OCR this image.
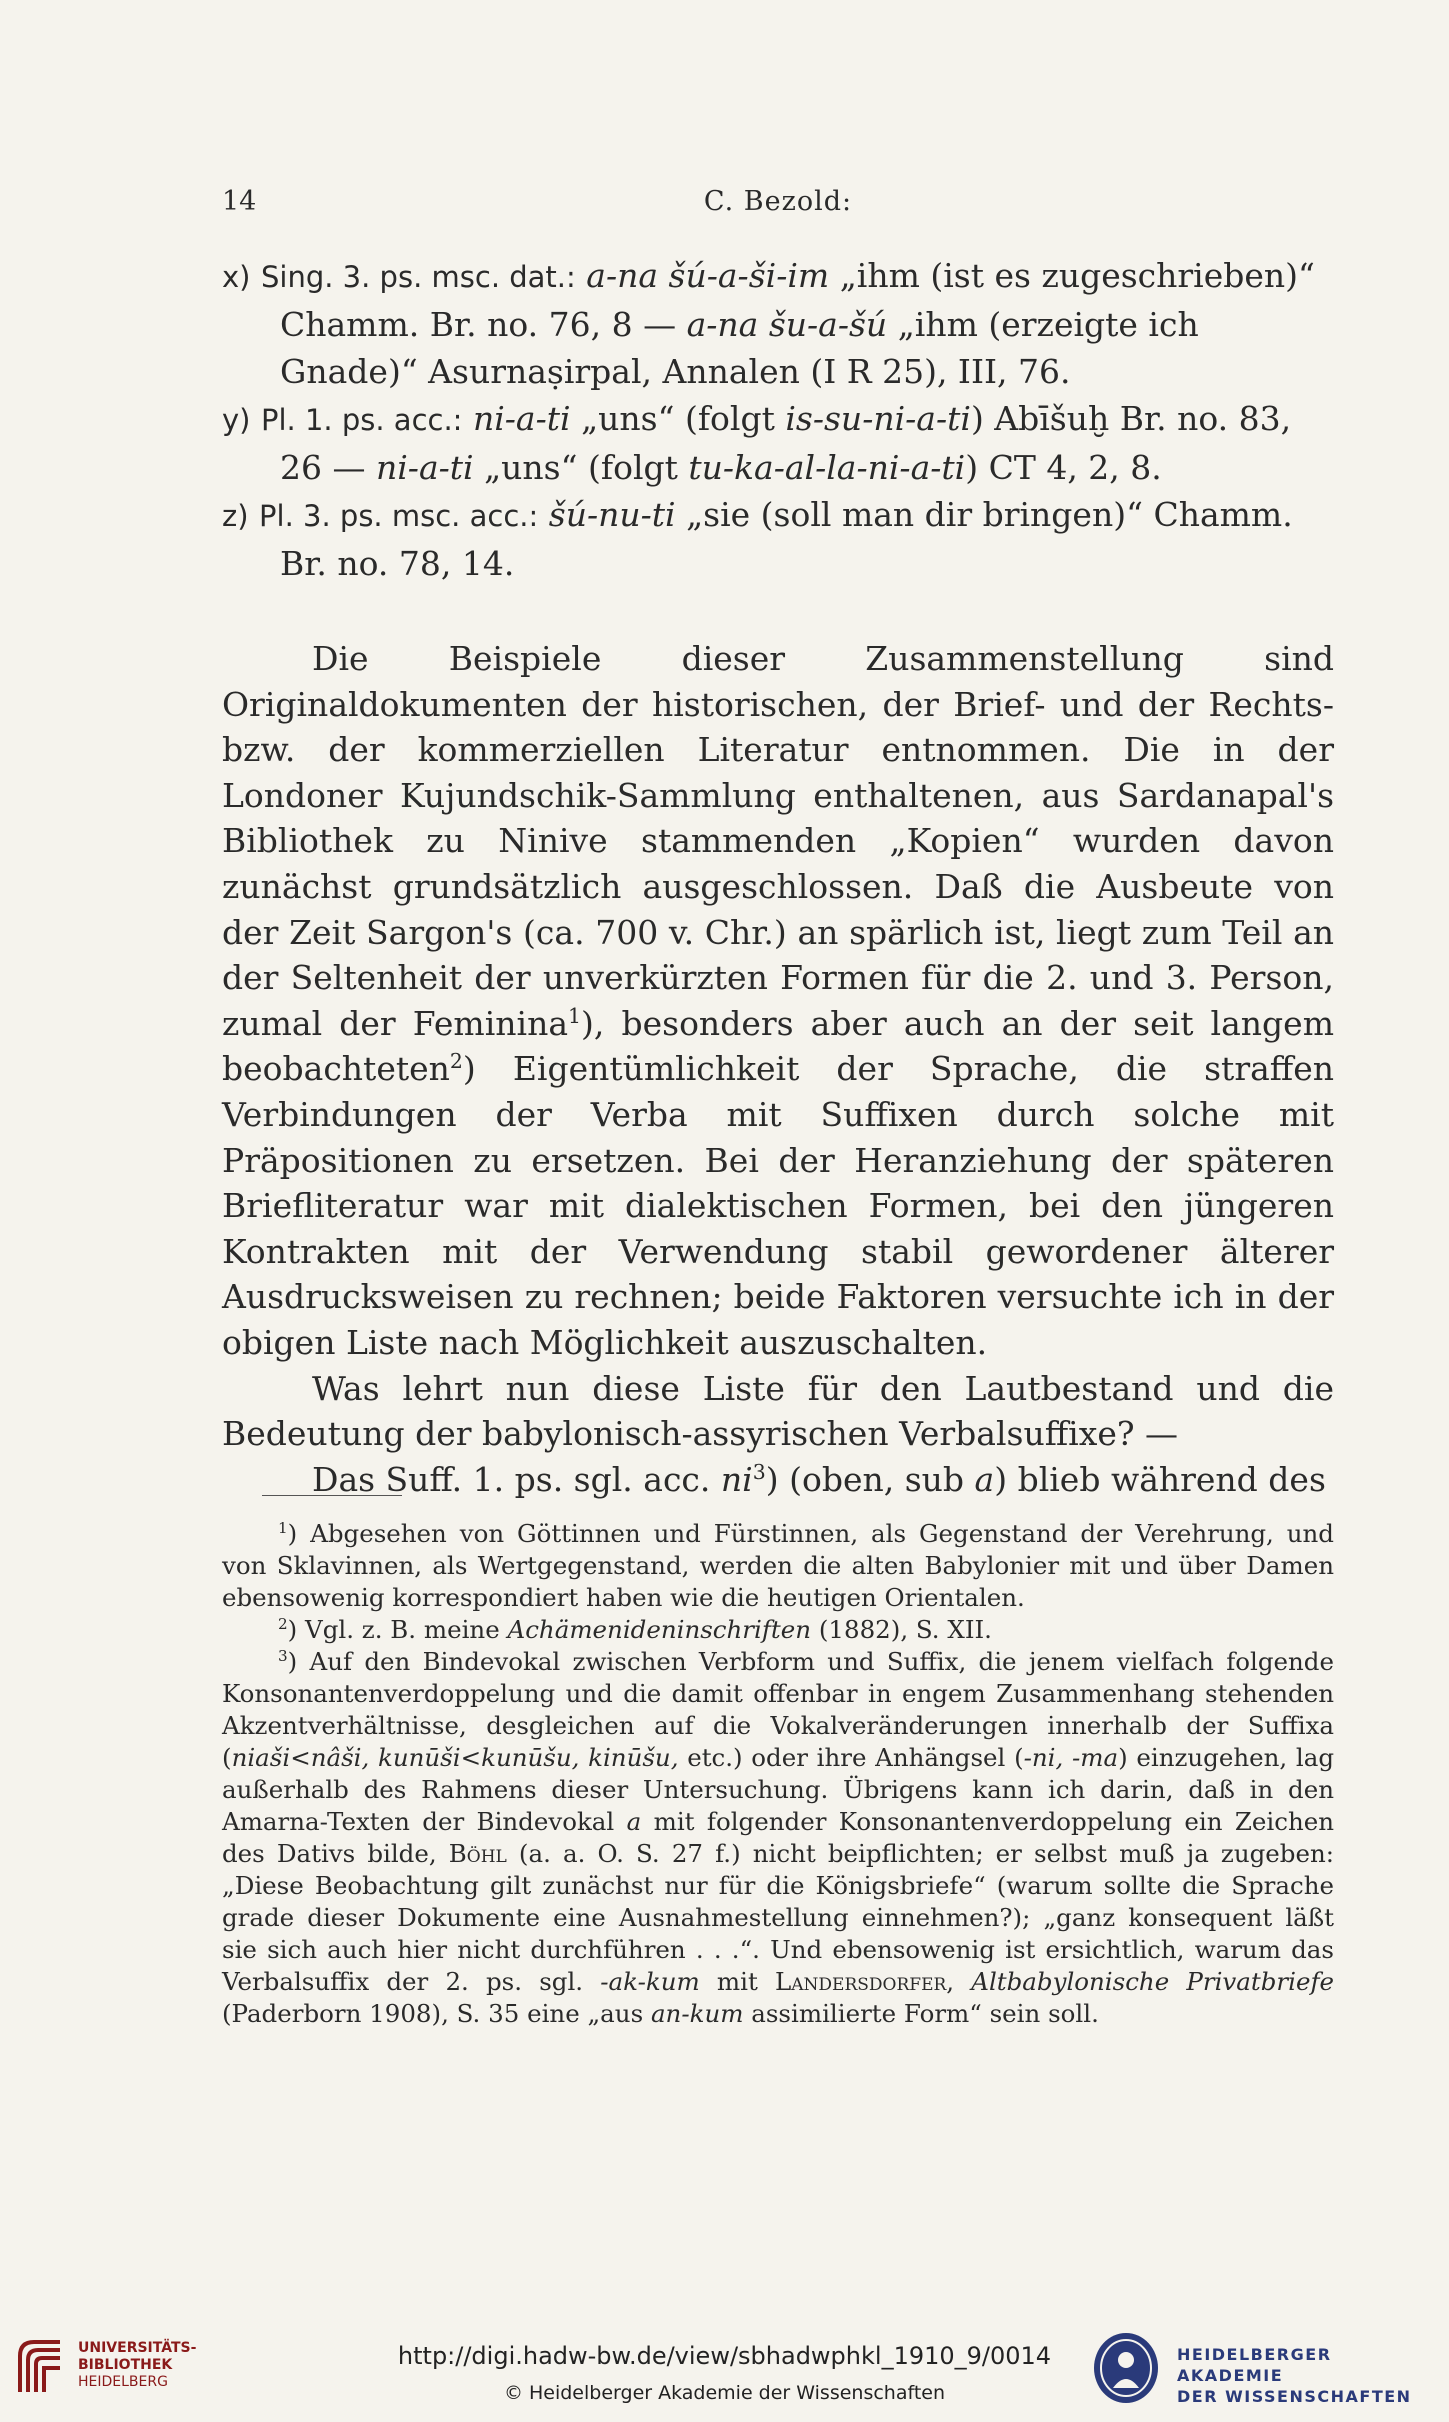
14	C. Bezold:

x) Sing. 3. ps. msc. dat.: a-na šú-a-ši-im „ihm (ist es zugeschrieben)“ Chamm. Br. no. 76, 8 — a-na šu-a-šú „ihm (erzeigte ich Gnade)“ Asurnaṣirpal, Annalen (I R 25), III, 76.

y) Pl. 1. ps. acc.: ni-a-ti „uns“ (folgt is-su-ni-a-ti) Abīšuḫ Br. no. 83, 26 — ni-a-ti „uns“ (folgt tu-ka-al-la-ni-a-ti) CT 4, 2, 8.

z) Pl. 3. ps. msc. acc.: šú-nu-ti „sie (soll man dir bringen)“ Chamm. Br. no. 78, 14.

Die Beispiele dieser Zusammenstellung sind Originaldokumenten der historischen, der Brief- und der Rechts- bzw. der kommerziellen Literatur entnommen. Die in der Londoner Kujundschik-Sammlung enthaltenen, aus Sardanapal's Bibliothek zu Ninive stammenden „Kopien“ wurden davon zunächst grundsätzlich ausgeschlossen. Daß die Ausbeute von der Zeit Sargon's (ca. 700 v. Chr.) an spärlich ist, liegt zum Teil an der Seltenheit der unverkürzten Formen für die 2. und 3. Person, zumal der Feminina$^1$), besonders aber auch an der seit langem beobachteten$^2$) Eigentümlichkeit der Sprache, die straffen Verbindungen der Verba mit Suffixen durch solche mit Präpositionen zu ersetzen. Bei der Heranziehung der späteren Briefliteratur war mit dialektischen Formen, bei den jüngeren Kontrakten mit der Verwendung stabil gewordener älterer Ausdrucksweisen zu rechnen; beide Faktoren versuchte ich in der obigen Liste nach Möglichkeit auszuschalten.

Was lehrt nun diese Liste für den Lautbestand und die Bedeutung der babylonisch-assyrischen Verbalsuffixe? —

Das Suff. 1. ps. sgl. acc. $ni^3$) (oben, sub a) blieb während des

$^1$) Abgesehen von Göttinnen und Fürstinnen, als Gegenstand der Verehrung, und von Sklavinnen, als Wertgegenstand, werden die alten Babylonier mit und über Damen ebensowenig korrespondiert haben wie die heutigen Orientalen.

$^2$) Vgl. z. B. meine Achämenideninschriften (1882), S. XII.

$^3$) Auf den Bindevokal zwischen Verbform und Suffix, die jenem vielfach folgende Konsonantenverdoppelung und die damit offenbar in engem Zusammenhang stehenden Akzentverhältnisse, desgleichen auf die Vokalveränderungen innerhalb der Suffixa (niaši<nâši, kunūši<kunūšu, kinūšu, etc.) oder ihre Anhängsel (-ni, -ma) einzugehen, lag außerhalb des Rahmens dieser Untersuchung. Übrigens kann ich darin, daß in den Amarna-Texten der Bindevokal a mit folgender Konsonantenverdoppelung ein Zeichen des Dativs bilde, Böhl (a. a. O. S. 27 f.) nicht beipflichten; er selbst muß ja zugeben: „Diese Beobachtung gilt zunächst nur für die Königsbriefe“ (warum sollte die Sprache grade dieser Dokumente eine Ausnahmestellung einnehmen?); „ganz konsequent läßt sie sich auch hier nicht durchführen . . .“. Und ebensowenig ist ersichtlich, warum das Verbalsuffix der 2. ps. sgl. -ak-kum mit Landersdorfer, Altbabylonische Privatbriefe (Paderborn 1908), S. 35 eine „aus an-kum assimilierte Form“ sein soll.

UNIVERSITÄTS-
BIBLIOTHEK
HEIDELBERG
http://digi.hadw-bw.de/view/sbhadwphkl_1910_9/0014
© Heidelberger Akademie der Wissenschaften
HEIDELBERGER AKADEMIE
DER WISSENSCHAFTEN
